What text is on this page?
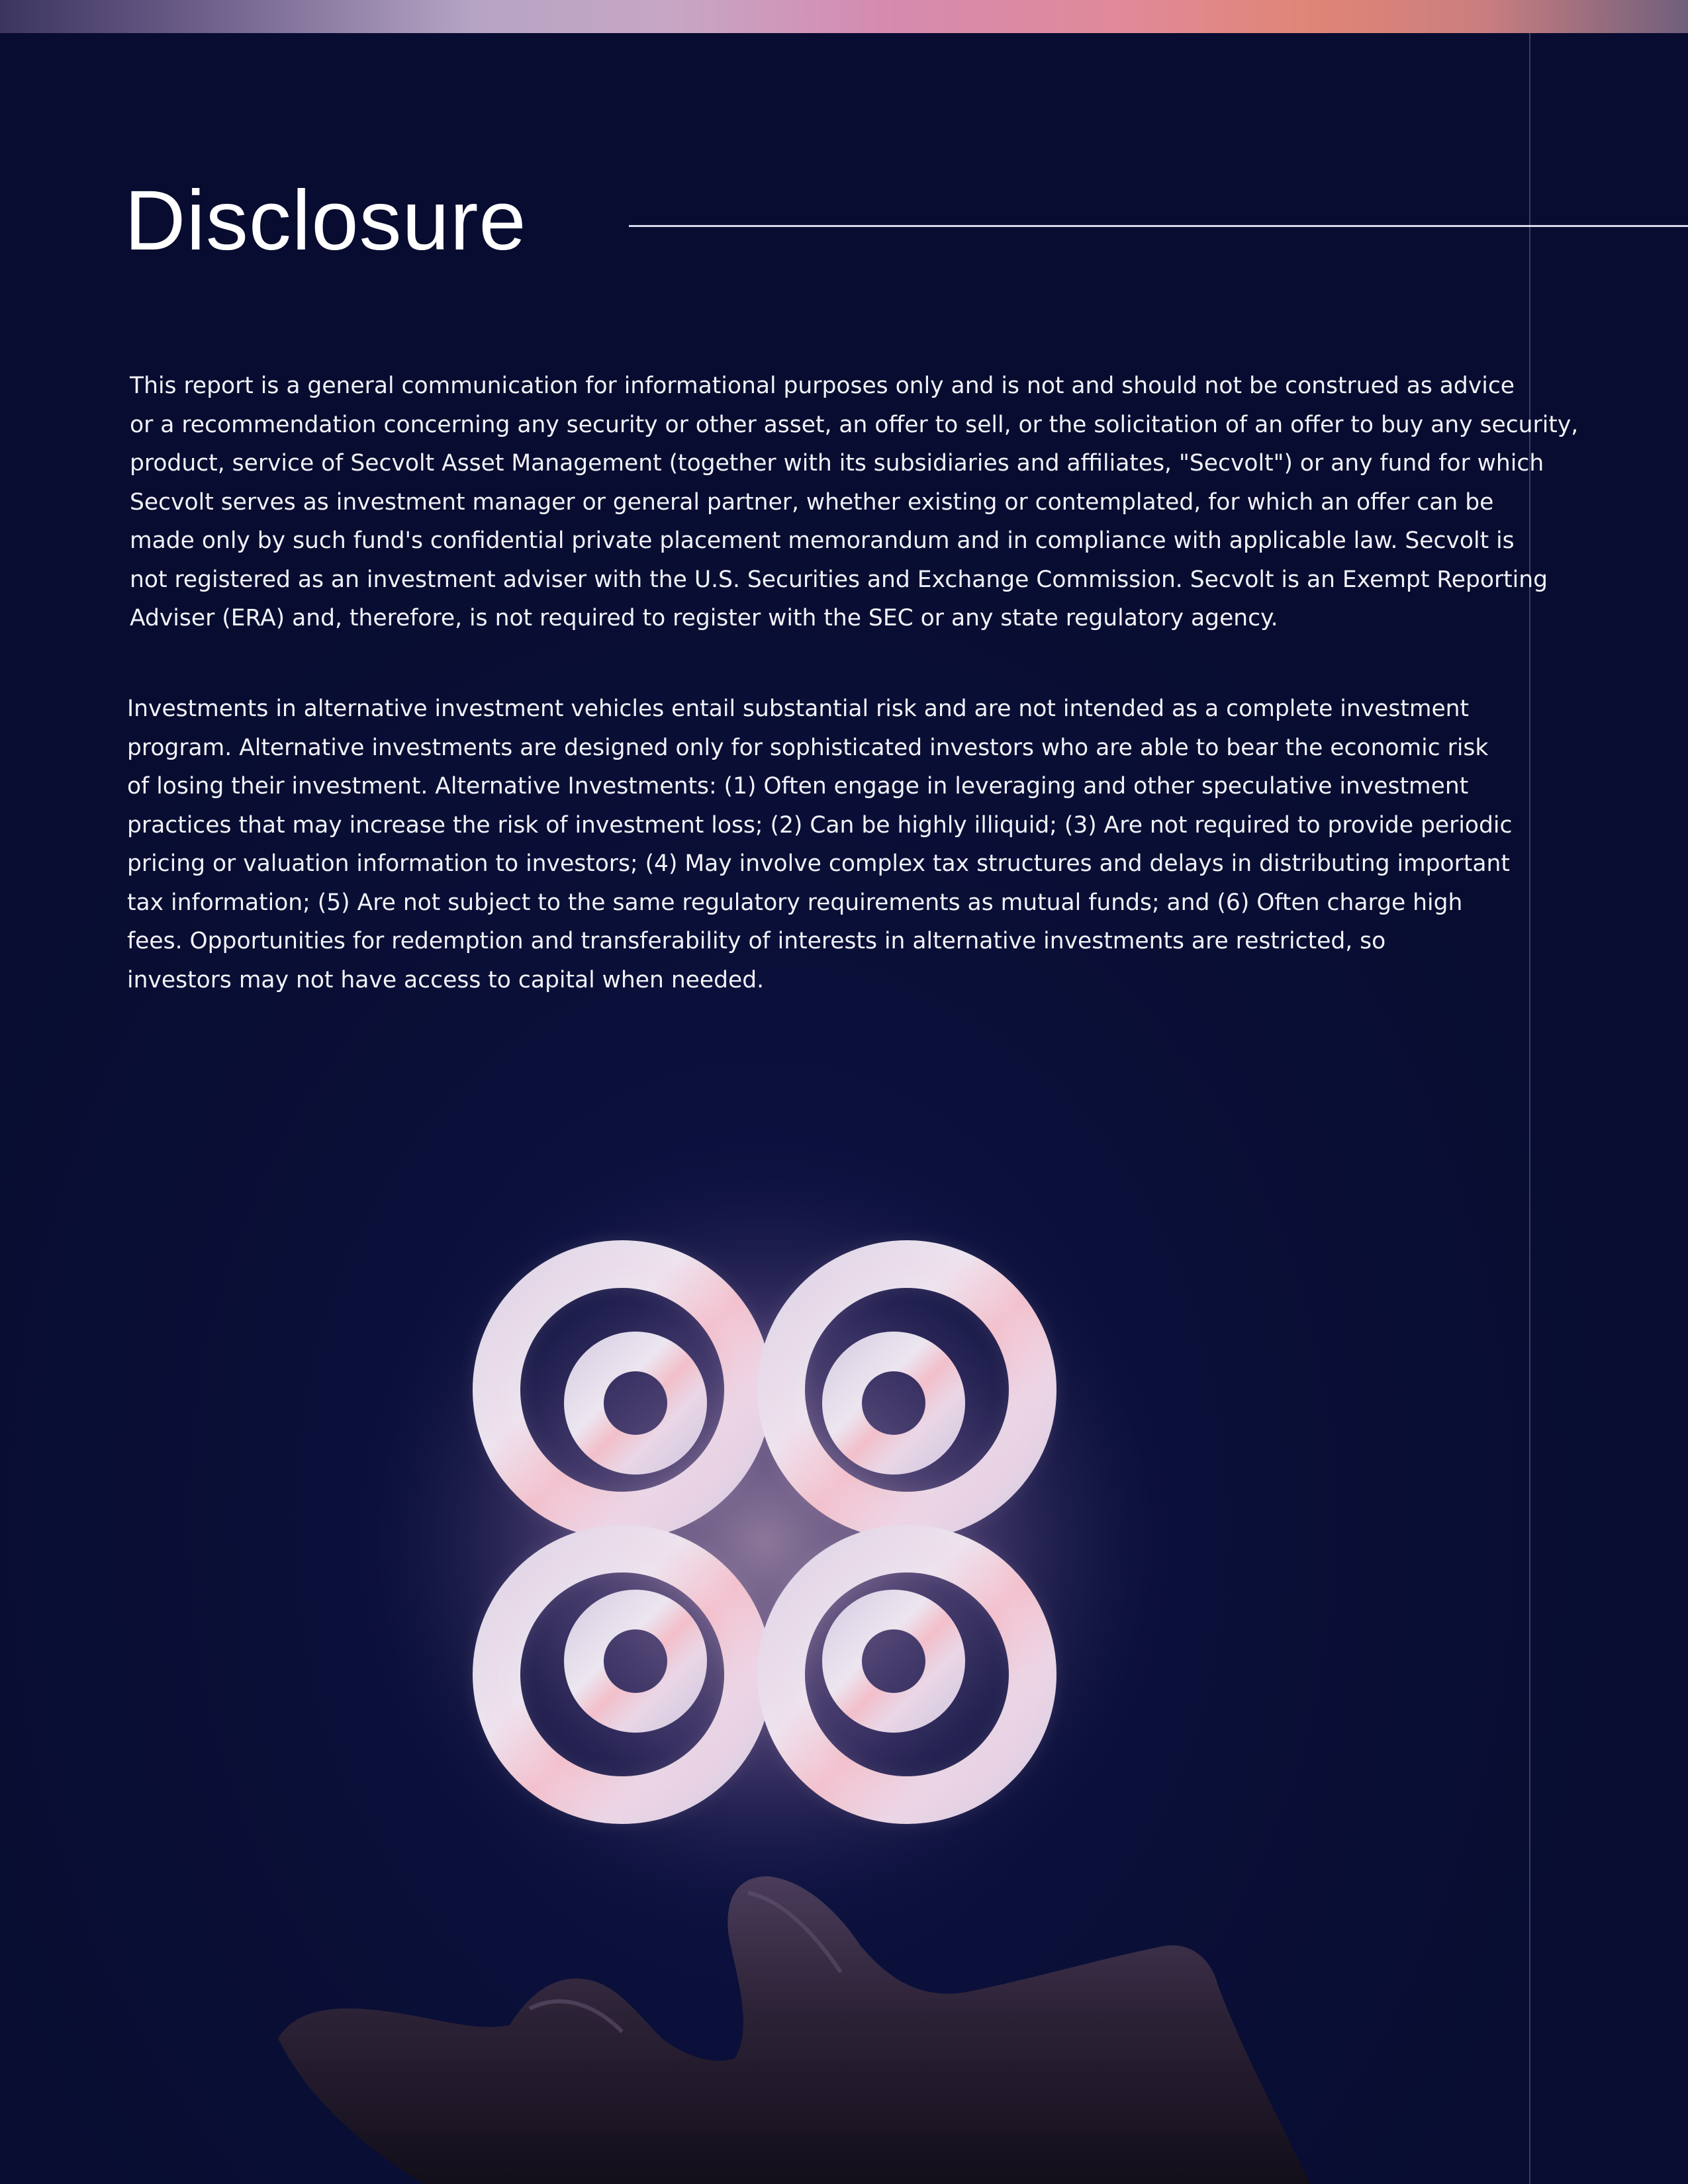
Disclosure

This report is a general communication for informational purposes only and is not and should not be construed as advice
or a recommendation concerning any security or other asset, an offer to sell, or the solicitation of an offer to buy any security,
product, service of Secvolt Asset Management (together with its subsidiaries and affiliates, "Secvolt") or any fund for which
Secvolt serves as investment manager or general partner, whether existing or contemplated, for which an offer can be
made only by such fund's confidential private placement memorandum and in compliance with applicable law. Secvolt is
not registered as an investment adviser with the U.S. Securities and Exchange Commission. Secvolt is an Exempt Reporting
Adviser (ERA) and, therefore, is not required to register with the SEC or any state regulatory agency.

Investments in alternative investment vehicles entail substantial risk and are not intended as a complete investment
program. Alternative investments are designed only for sophisticated investors who are able to bear the economic risk
of losing their investment. Alternative Investments: (1) Often engage in leveraging and other speculative investment
practices that may increase the risk of investment loss; (2) Can be highly illiquid; (3) Are not required to provide periodic
pricing or valuation information to investors; (4) May involve complex tax structures and delays in distributing important
tax information; (5) Are not subject to the same regulatory requirements as mutual funds; and (6) Often charge high
fees. Opportunities for redemption and transferability of interests in alternative investments are restricted, so
investors may not have access to capital when needed.
